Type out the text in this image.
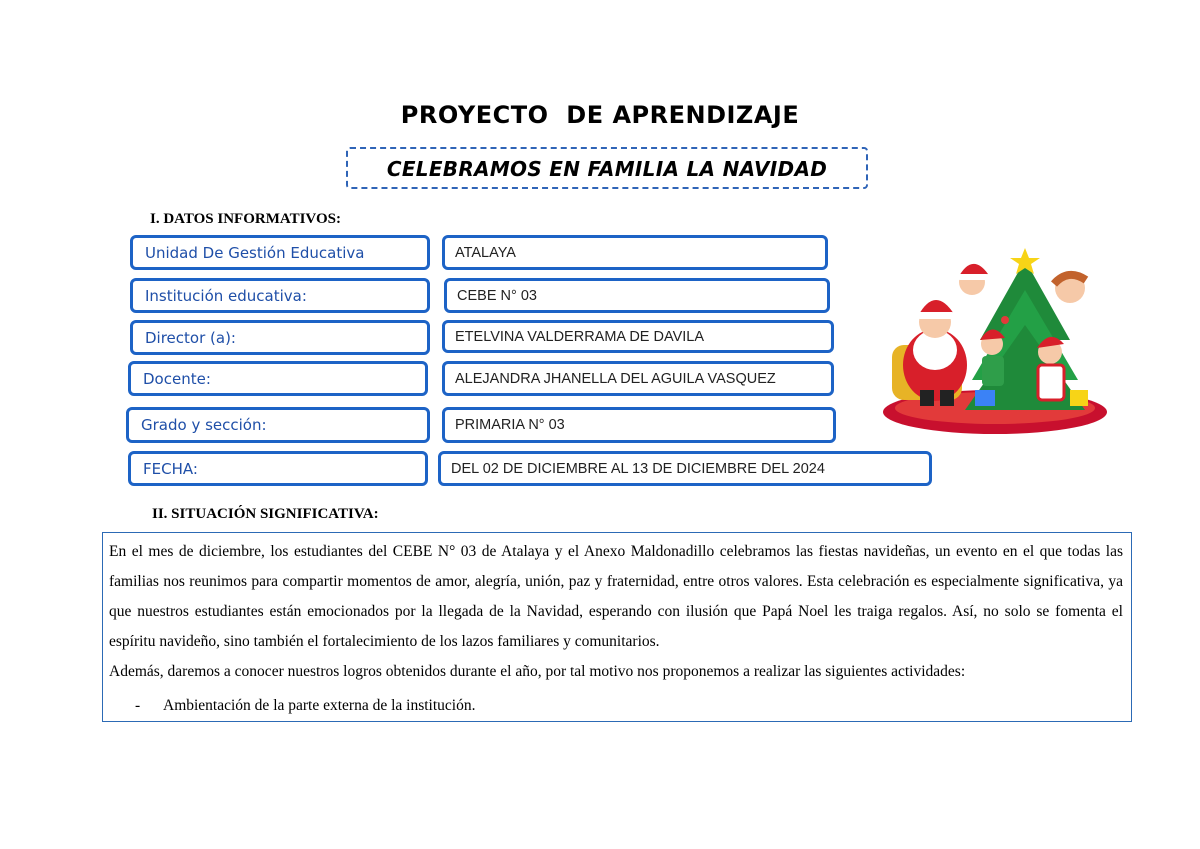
PROYECTO  DE APRENDIZAJE
CELEBRAMOS EN FAMILIA LA NAVIDAD
I. DATOS INFORMATIVOS:
Unidad De Gestión Educativa	ATALAYA
Institución educativa:	CEBE N° 03
Director (a):	ETELVINA VALDERRAMA DE DAVILA
Docente:	ALEJANDRA JHANELLA DEL AGUILA VASQUEZ
Grado y sección:	PRIMARIA N° 03
FECHA:	DEL 02 DE DICIEMBRE AL 13 DE DICIEMBRE DEL 2024
II. SITUACIÓN SIGNIFICATIVA:

En el mes de diciembre, los estudiantes del CEBE N° 03 de Atalaya y el Anexo Maldonadillo celebramos las fiestas navideñas, un evento en el que todas las familias nos reunimos para compartir momentos de amor, alegría, unión, paz y fraternidad, entre otros valores. Esta celebración es especialmente significativa, ya que nuestros estudiantes están emocionados por la llegada de la Navidad, esperando con ilusión que Papá Noel les traiga regalos. Así, no solo se fomenta el espíritu navideño, sino también el fortalecimiento de los lazos familiares y comunitarios.

Además, daremos a conocer nuestros logros obtenidos durante el año, por tal motivo nos proponemos a realizar las siguientes actividades:

-	Ambientación de la parte externa de la institución.
